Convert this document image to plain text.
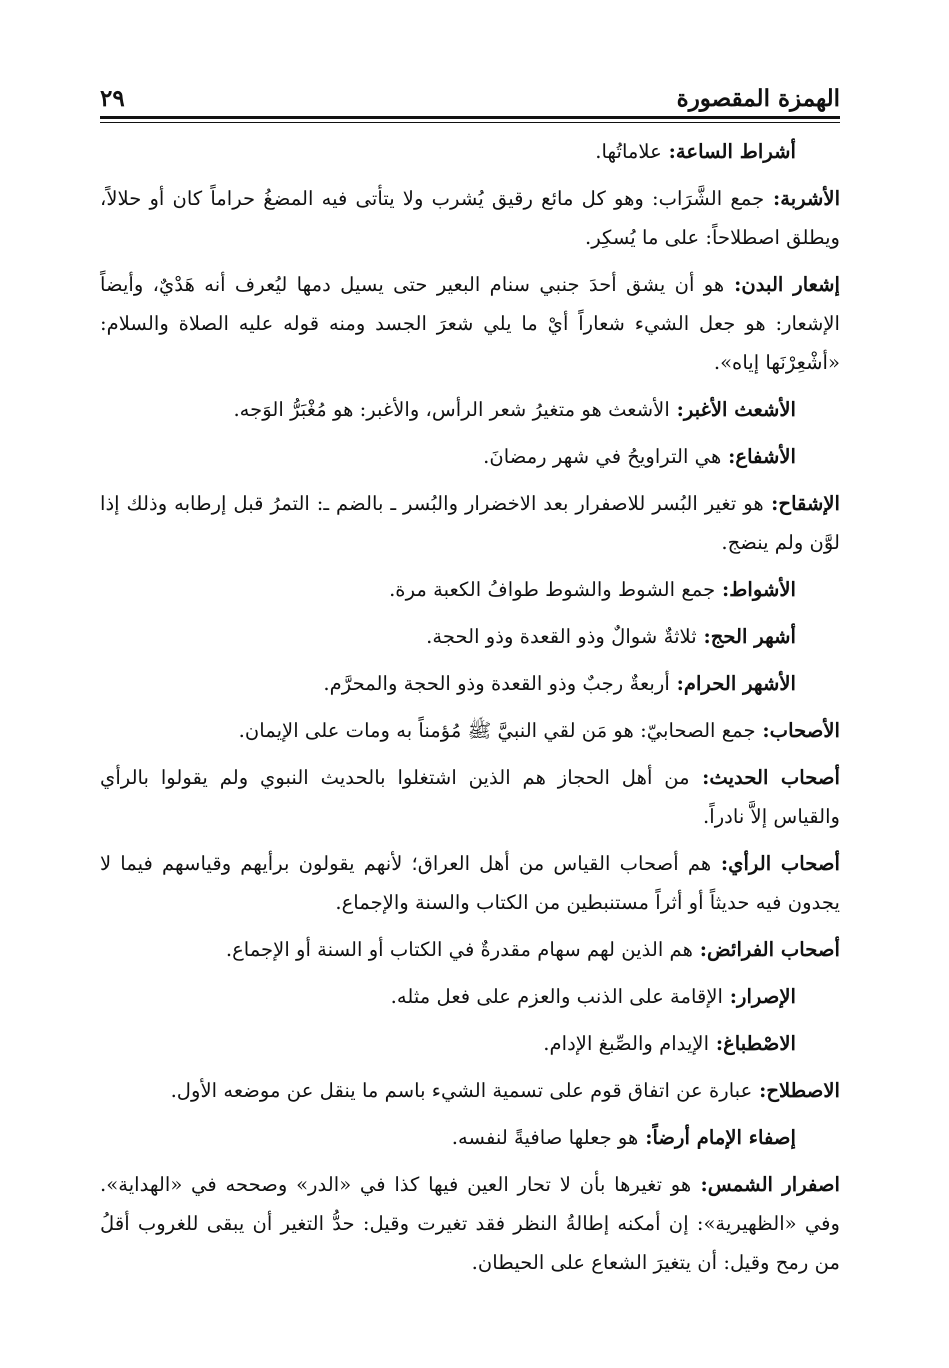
٢٩	الهمزة المقصورة

أشراط الساعة: علاماتُها.

الأشربة: جمع الشَّرَاب: وهو كل مائع رقيق يُشرب ولا يتأتى فيه المضغُ حراماً كان أو حلالاً، ويطلق اصطلاحاً: على ما يُسكِر.

إشعار البدن: هو أن يشق أحدَ جنبي سنام البعير حتى يسيل دمها ليُعرف أنه هَدْيٌ، وأيضاً الإشعار: هو جعل الشيء شعاراً أيْ ما يلي شعرَ الجسد ومنه قوله عليه الصلاة والسلام: «أشْعِرْنَها إياه».

الأشعث الأغبر: الأشعث هو متغيرُ شعر الرأس، والأغبر: هو مُغْبَرُّ الوَجه.

الأشفاع: هي التراويحُ في شهر رمضانَ.

الإشقاح: هو تغير البُسر للاصفرار بعد الاخضرار والبُسر ـ بالضم ـ: التمرُ قبل إرطابه وذلك إذا لوَّن ولم ينضج.

الأشواط: جمع الشوط والشوط طوافُ الكعبة مرة.

أشهر الحج: ثلاثةٌ شوالٌ وذو القعدة وذو الحجة.

الأشهر الحرام: أربعةٌ رجبٌ وذو القعدة وذو الحجة والمحرَّم.

الأصحاب: جمع الصحابيّ: هو مَن لقي النبيَّ ﷺ مُؤمناً به ومات على الإيمان.

أصحاب الحديث: من أهل الحجاز هم الذين اشتغلوا بالحديث النبوي ولم يقولوا بالرأي والقياس إلاَّ نادراً.

أصحاب الرأي: هم أصحاب القياس من أهل العراق؛ لأنهم يقولون برأيهم وقياسهم فيما لا يجدون فيه حديثاً أو أثراً مستنبطين من الكتاب والسنة والإجماع.

أصحاب الفرائض: هم الذين لهم سهام مقدرةٌ في الكتاب أو السنة أو الإجماع.

الإصرار: الإقامة على الذنب والعزم على فعل مثله.

الاصْطباغ: الإيدام والصِّبغ الإدام.

الاصطلاح: عبارة عن اتفاق قوم على تسمية الشيء باسم ما ينقل عن موضعه الأول.

إصفاء الإمام أرضاً: هو جعلها صافيةً لنفسه.

اصفرار الشمس: هو تغيرها بأن لا تحار العين فيها كذا في «الدر» وصححه في «الهداية». وفي «الظهيرية»: إن أمكنه إطالةُ النظر فقد تغيرت وقيل: حدُّ التغير أن يبقى للغروب أقلُ من رمح وقيل: أن يتغيرَ الشعاع على الحيطان.
